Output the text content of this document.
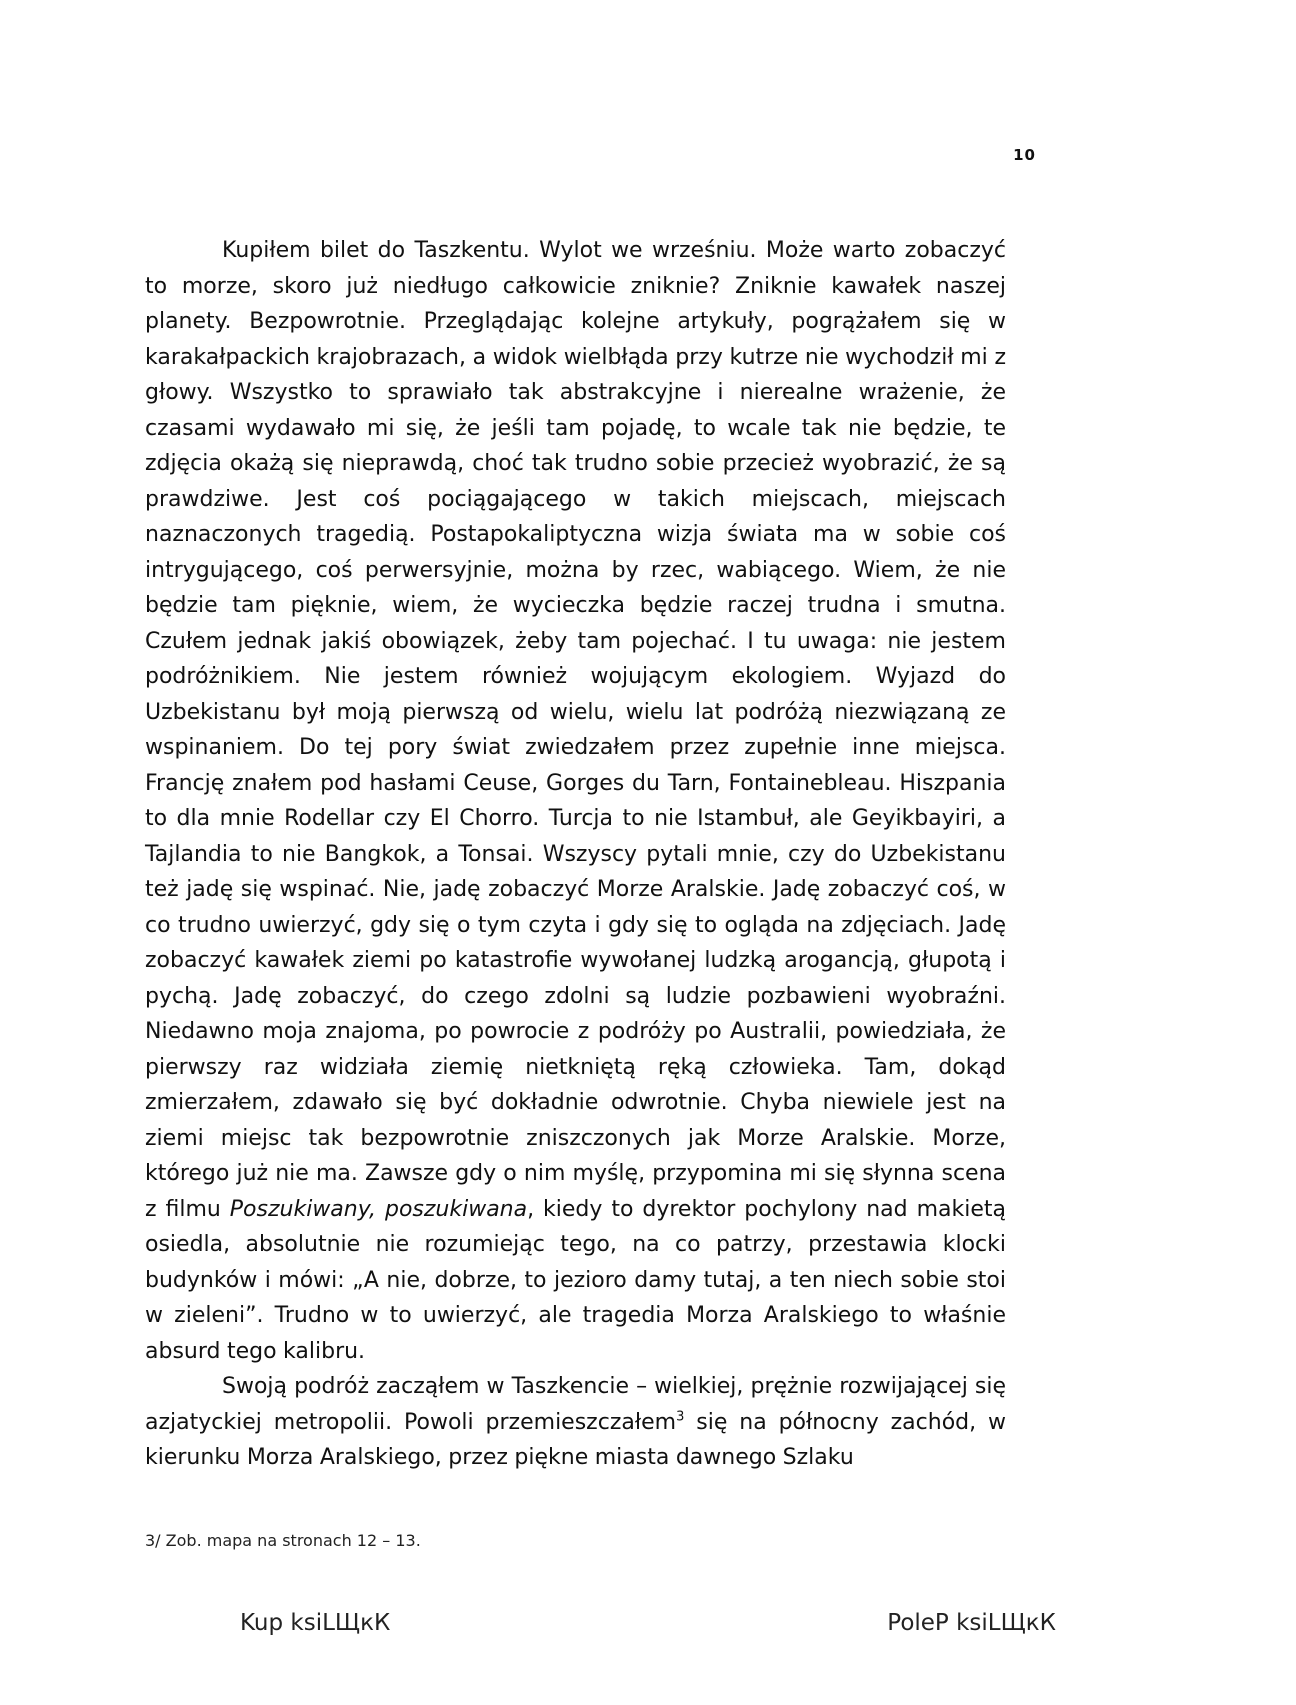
10

Kupiłem bilet do Taszkentu. Wylot we wrześniu. Może warto zobaczyć to morze, skoro już niedługo całkowicie zniknie? Zniknie kawałek naszej planety. Bezpowrotnie. Przeglądając kolejne artykuły, pogrążałem się w karakałpackich krajobrazach, a widok wielbłąda przy kutrze nie wychodził mi z głowy. Wszystko to sprawiało tak abstrakcyjne i nierealne wrażenie, że czasami wydawało mi się, że jeśli tam pojadę, to wcale tak nie będzie, te zdjęcia okażą się nieprawdą, choć tak trudno sobie przecież wyobrazić, że są prawdziwe. Jest coś pociągającego w takich miejscach, miejscach naznaczonych tragedią. Postapokaliptyczna wizja świata ma w sobie coś intrygującego, coś perwersyjnie, można by rzec, wabiącego. Wiem, że nie będzie tam pięknie, wiem, że wycieczka będzie raczej trudna i smutna. Czułem jednak jakiś obowiązek, żeby tam pojechać. I tu uwaga: nie jestem podróżnikiem. Nie jestem również wojującym ekologiem. Wyjazd do Uzbekistanu był moją pierwszą od wielu, wielu lat podróżą niezwiązaną ze wspinaniem. Do tej pory świat zwiedzałem przez zupełnie inne miejsca. Francję znałem pod hasłami Ceuse, Gorges du Tarn, Fontainebleau. Hiszpania to dla mnie Rodellar czy El Chorro. Turcja to nie Istambuł, ale Geyikbayiri, a Tajlandia to nie Bangkok, a Tonsai. Wszyscy pytali mnie, czy do Uzbekistanu też jadę się wspinać. Nie, jadę zobaczyć Morze Aralskie. Jadę zobaczyć coś, w co trudno uwierzyć, gdy się o tym czyta i gdy się to ogląda na zdjęciach. Jadę zobaczyć kawałek ziemi po katastrofie wywołanej ludzką arogancją, głupotą i pychą. Jadę zobaczyć, do czego zdolni są ludzie pozbawieni wyobraźni. Niedawno moja znajoma, po powrocie z podróży po Australii, powiedziała, że pierwszy raz widziała ziemię nietkniętą ręką człowieka. Tam, dokąd zmierzałem, zdawało się być dokładnie odwrotnie. Chyba niewiele jest na ziemi miejsc tak bezpowrotnie zniszczonych jak Morze Aralskie. Morze, którego już nie ma. Zawsze gdy o nim myślę, przypomina mi się słynna scena z filmu Poszukiwany, poszukiwana, kiedy to dyrektor pochylony nad makietą osiedla, absolutnie nie rozumiejąc tego, na co patrzy, przestawia klocki budynków i mówi: „A nie, dobrze, to jezioro damy tutaj, a ten niech sobie stoi w zieleni”. Trudno w to uwierzyć, ale tragedia Morza Aralskiego to właśnie absurd tego kalibru.

Swoją podróż zacząłem w Taszkencie – wielkiej, prężnie rozwijającej się azjatyckiej metropolii. Powoli przemieszczałem$^3$ się na północny zachód, w kierunku Morza Aralskiego, przez piękne miasta dawnego Szlaku

3/ Zob. mapa na stronach 12 – 13.
Kup ksiLЩкК	PoleP ksiLЩкК
